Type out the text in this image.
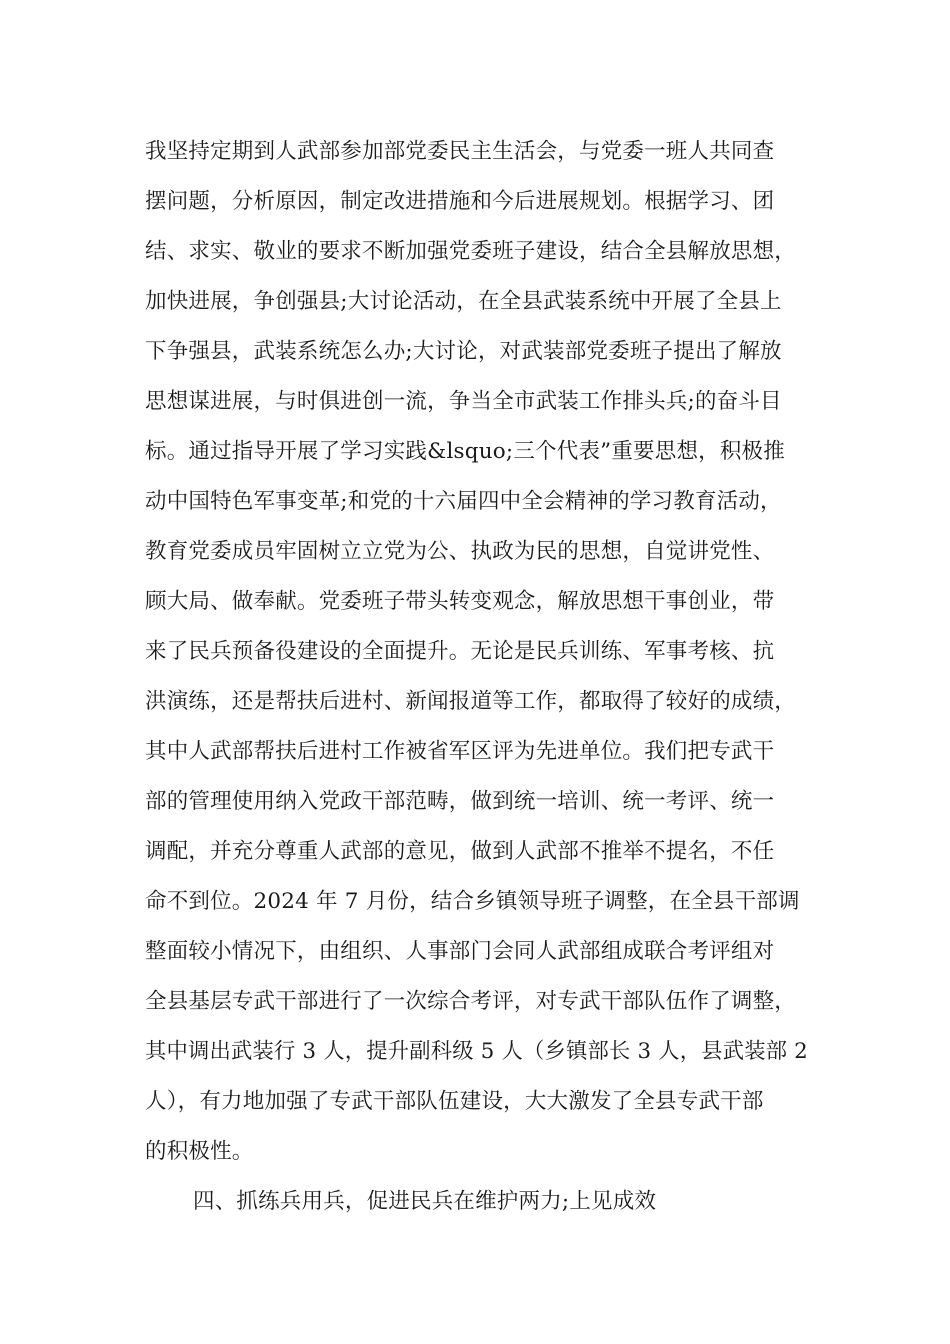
我坚持定期到人武部参加部党委民主生活会，与党委一班人共同查
摆问题，分析原因，制定改进措施和今后进展规划。根据学习、团
结、求实、敬业的要求不断加强党委班子建设，结合全县解放思想，
加快进展，争创强县;大讨论活动，在全县武装系统中开展了全县上
下争强县，武装系统怎么办;大讨论，对武装部党委班子提出了解放
思想谋进展，与时俱进创一流，争当全市武装工作排头兵;的奋斗目
标。通过指导开展了学习实践&lsquo;三个代表”重要思想，积极推
动中国特色军事变革;和党的十六届四中全会精神的学习教育活动，
教育党委成员牢固树立立党为公、执政为民的思想，自觉讲党性、
顾大局、做奉献。党委班子带头转变观念，解放思想干事创业，带
来了民兵预备役建设的全面提升。无论是民兵训练、军事考核、抗
洪演练，还是帮扶后进村、新闻报道等工作，都取得了较好的成绩，
其中人武部帮扶后进村工作被省军区评为先进单位。我们把专武干
部的管理使用纳入党政干部范畴，做到统一培训、统一考评、统一
调配，并充分尊重人武部的意见，做到人武部不推举不提名，不任
命不到位。2024 年 7 月份，结合乡镇领导班子调整，在全县干部调
整面较小情况下，由组织、人事部门会同人武部组成联合考评组对
全县基层专武干部进行了一次综合考评，对专武干部队伍作了调整，
其中调出武装行 3 人，提升副科级 5 人（乡镇部长 3 人，县武装部 2
人），有力地加强了专武干部队伍建设，大大激发了全县专武干部
的积极性。
四、抓练兵用兵，促进民兵在维护两力;上见成效
